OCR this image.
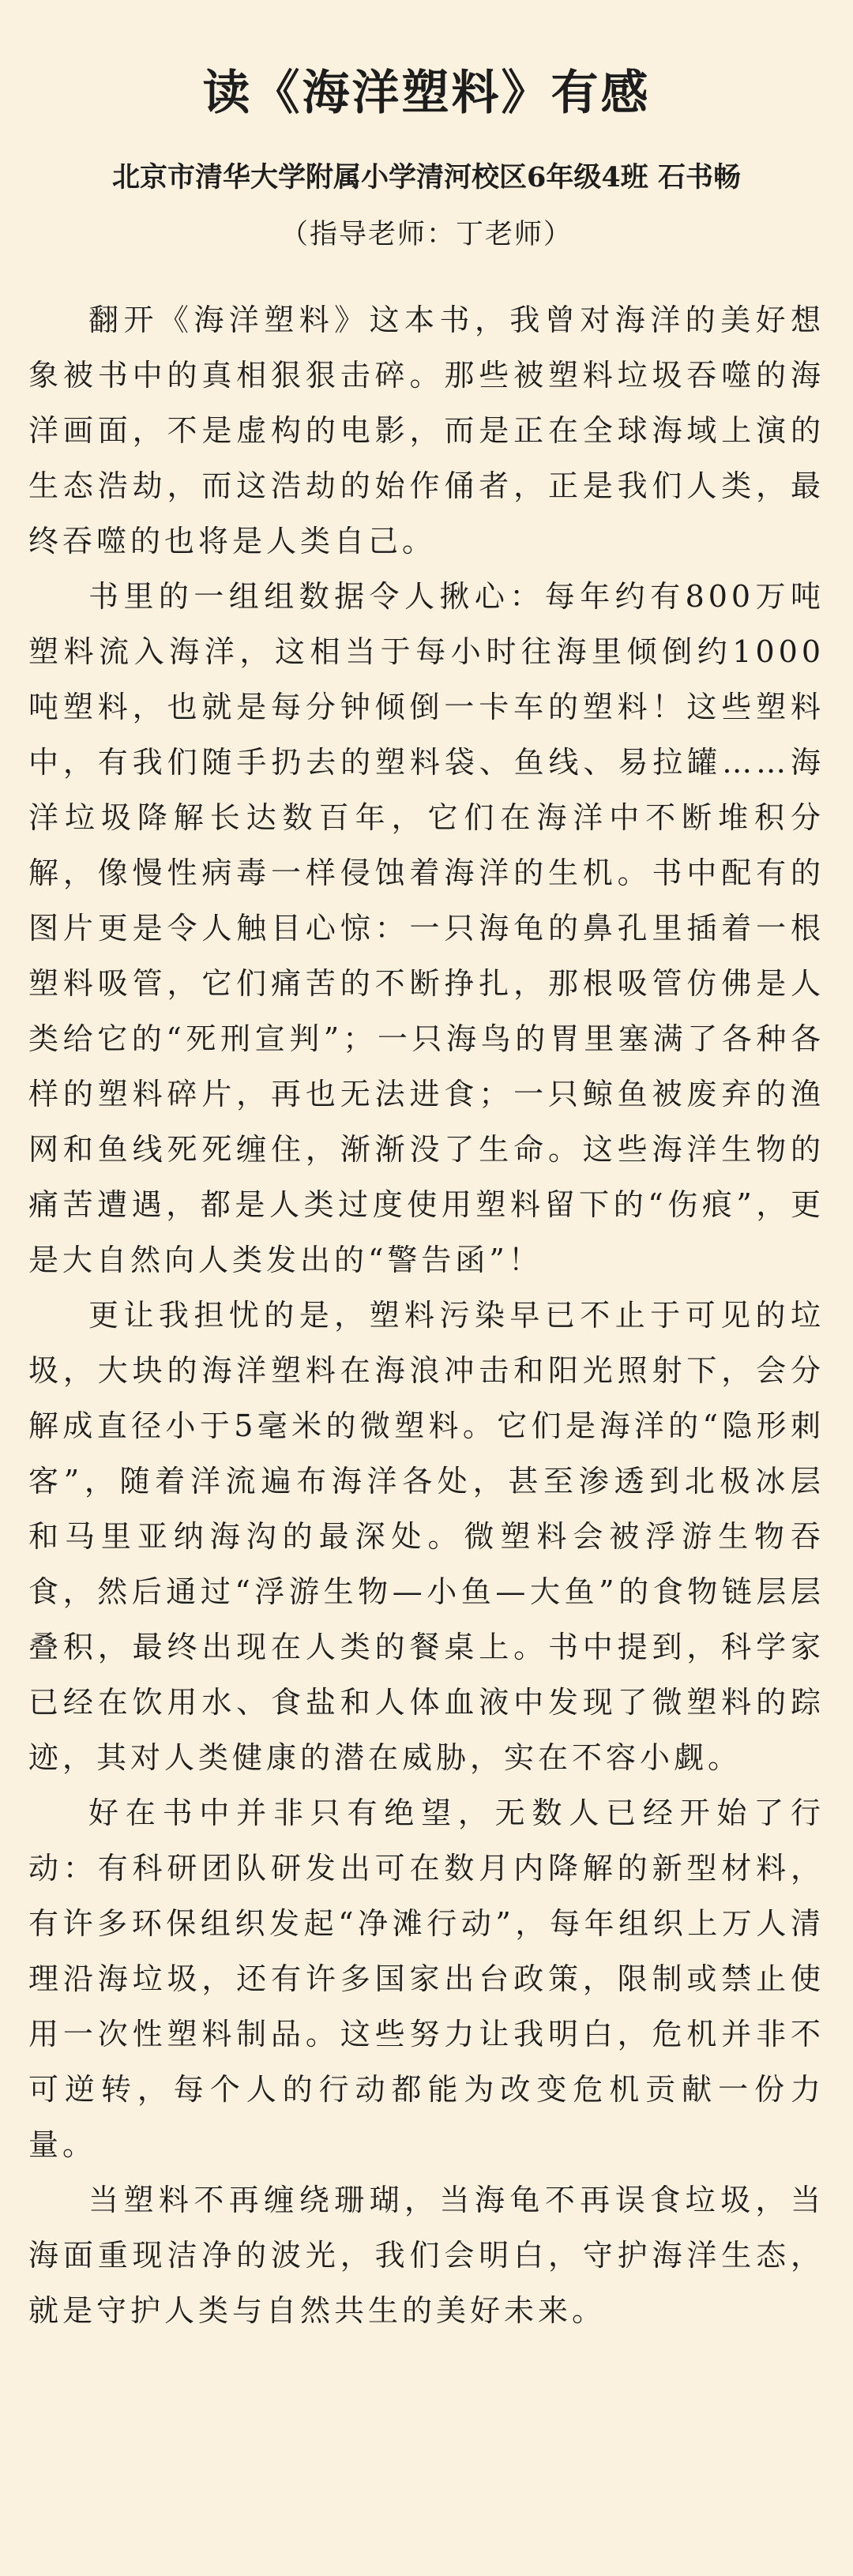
读《海洋塑料》有感
北京市清华大学附属小学清河校区6年级4班 石书畅
（指导老师：丁老师）

翻开《海洋塑料》这本书，我曾对海洋的美好想象被书中的真相狠狠击碎。那些被塑料垃圾吞噬的海洋画面，不是虚构的电影，而是正在全球海域上演的生态浩劫，而这浩劫的始作俑者，正是我们人类，最终吞噬的也将是人类自己。

书里的一组组数据令人揪心：每年约有800万吨塑料流入海洋，这相当于每小时往海里倾倒约1000吨塑料，也就是每分钟倾倒一卡车的塑料！这些塑料中，有我们随手扔去的塑料袋、鱼线、易拉罐……海洋垃圾降解长达数百年，它们在海洋中不断堆积分解，像慢性病毒一样侵蚀着海洋的生机。书中配有的图片更是令人触目心惊：一只海龟的鼻孔里插着一根塑料吸管，它们痛苦的不断挣扎，那根吸管仿佛是人类给它的“死刑宣判”；一只海鸟的胃里塞满了各种各样的塑料碎片，再也无法进食；一只鲸鱼被废弃的渔网和鱼线死死缠住，渐渐没了生命。这些海洋生物的痛苦遭遇，都是人类过度使用塑料留下的“伤痕”，更是大自然向人类发出的“警告函”！

更让我担忧的是，塑料污染早已不止于可见的垃圾，大块的海洋塑料在海浪冲击和阳光照射下，会分解成直径小于5毫米的微塑料。它们是海洋的“隐形刺客”，随着洋流遍布海洋各处，甚至渗透到北极冰层和马里亚纳海沟的最深处。微塑料会被浮游生物吞食，然后通过“浮游生物—小鱼—大鱼”的食物链层层叠积，最终出现在人类的餐桌上。书中提到，科学家已经在饮用水、食盐和人体血液中发现了微塑料的踪迹，其对人类健康的潜在威胁，实在不容小觑。

好在书中并非只有绝望，无数人已经开始了行动：有科研团队研发出可在数月内降解的新型材料，有许多环保组织发起“净滩行动”，每年组织上万人清理沿海垃圾，还有许多国家出台政策，限制或禁止使用一次性塑料制品。这些努力让我明白，危机并非不可逆转，每个人的行动都能为改变危机贡献一份力量。

当塑料不再缠绕珊瑚，当海龟不再误食垃圾，当海面重现洁净的波光，我们会明白，守护海洋生态，就是守护人类与自然共生的美好未来。
